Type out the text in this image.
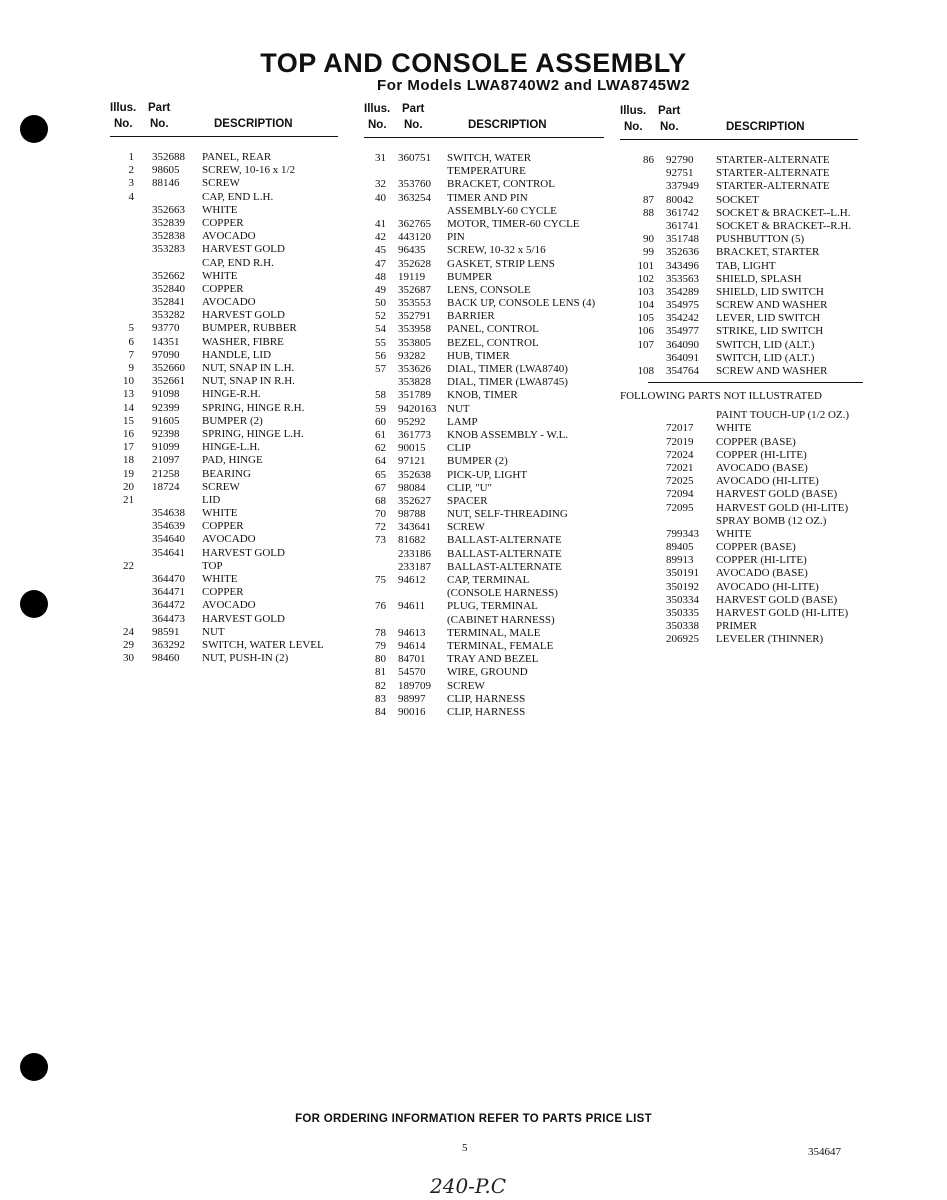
TOP AND CONSOLE ASSEMBLY
For Models LWA8740W2 and LWA8745W2
Illus. Part
No. No.	DESCRIPTION
1 352688 PANEL, REAR
2 98605 SCREW, 10-16 x 1/2
3 88146 SCREW
4	CAP, END L.H.
352663 WHITE
352839 COPPER
352838 AVOCADO
353283 HARVEST GOLD
CAP, END R.H.
352662 WHITE
352840 COPPER
352841 AVOCADO
353282 HARVEST GOLD
5 93770 BUMPER, RUBBER
6 14351 WASHER, FIBRE
7 97090 HANDLE, LID
9 352660 NUT, SNAP IN L.H.
10 352661 NUT, SNAP IN R.H.
13 91098 HINGE-R.H.
14 92399 SPRING, HINGE R.H.
15 91605 BUMPER (2)
16 92398 SPRING, HINGE L.H.
17 91099 HINGE-L.H.
18 21097 PAD, HINGE
19 21258 BEARING
20 18724 SCREW
21	LID
354638 WHITE
354639 COPPER
354640 AVOCADO
354641 HARVEST GOLD
22	TOP
364470 WHITE
364471 COPPER
364472 AVOCADO
364473 HARVEST GOLD
24 98591 NUT
29 363292 SWITCH, WATER LEVEL
30 98460 NUT, PUSH-IN (2)
Illus. Part
No. No.	DESCRIPTION
31 360751 SWITCH, WATER
TEMPERATURE
32 353760 BRACKET, CONTROL
40 363254 TIMER AND PIN
ASSEMBLY-60 CYCLE
41 362765 MOTOR, TIMER-60 CYCLE
42 443120 PIN
45 96435 SCREW, 10-32 x 5/16
47 352628 GASKET, STRIP LENS
48 19119 BUMPER
49 352687 LENS, CONSOLE
50 353553 BACK UP, CONSOLE LENS (4)
52 352791 BARRIER
54 353958 PANEL, CONTROL
55 353805 BEZEL, CONTROL
56 93282 HUB, TIMER
57 353626 DIAL, TIMER (LWA8740)
353828 DIAL, TIMER (LWA8745)
58 351789 KNOB, TIMER
59 9420163 NUT
60 95292 LAMP
61 361773 KNOB ASSEMBLY - W.L.
62 90015 CLIP
64 97121 BUMPER (2)
65 352638 PICK-UP, LIGHT
67 98084 CLIP, "U"
68 352627 SPACER
70 98788 NUT, SELF-THREADING
72 343641 SCREW
73 81682 BALLAST-ALTERNATE
233186 BALLAST-ALTERNATE
233187 BALLAST-ALTERNATE
75 94612 CAP, TERMINAL
(CONSOLE HARNESS)
76 94611 PLUG, TERMINAL
(CABINET HARNESS)
78 94613 TERMINAL, MALE
79 94614 TERMINAL, FEMALE
80 84701 TRAY AND BEZEL
81 54570 WIRE, GROUND
82 189709 SCREW
83 98997 CLIP, HARNESS
84 90016 CLIP, HARNESS
Illus. Part
No. No.	DESCRIPTION
86 92790 STARTER-ALTERNATE
92751 STARTER-ALTERNATE
337949 STARTER-ALTERNATE
87 80042 SOCKET
88 361742 SOCKET & BRACKET--L.H.
361741 SOCKET & BRACKET--R.H.
90 351748 PUSHBUTTON (5)
99 352636 BRACKET, STARTER
101 343496 TAB, LIGHT
102 353563 SHIELD, SPLASH
103 354289 SHIELD, LID SWITCH
104 354975 SCREW AND WASHER
105 354242 LEVER, LID SWITCH
106 354977 STRIKE, LID SWITCH
107 364090 SWITCH, LID (ALT.)
364091 SWITCH, LID (ALT.)
108 354764 SCREW AND WASHER
FOLLOWING PARTS NOT ILLUSTRATED
PAINT TOUCH-UP (1/2 OZ.)
72017 WHITE
72019 COPPER (BASE)
72024 COPPER (HI-LITE)
72021 AVOCADO (BASE)
72025 AVOCADO (HI-LITE)
72094 HARVEST GOLD (BASE)
72095 HARVEST GOLD (HI-LITE)
SPRAY BOMB (12 OZ.)
799343 WHITE
89405 COPPER (BASE)
89913 COPPER (HI-LITE)
350191 AVOCADO (BASE)
350192 AVOCADO (HI-LITE)
350334 HARVEST GOLD (BASE)
350335 HARVEST GOLD (HI-LITE)
350338 PRIMER
206925 LEVELER (THINNER)
FOR ORDERING INFORMATION REFER TO PARTS PRICE LIST
5	354647
240-P.C
